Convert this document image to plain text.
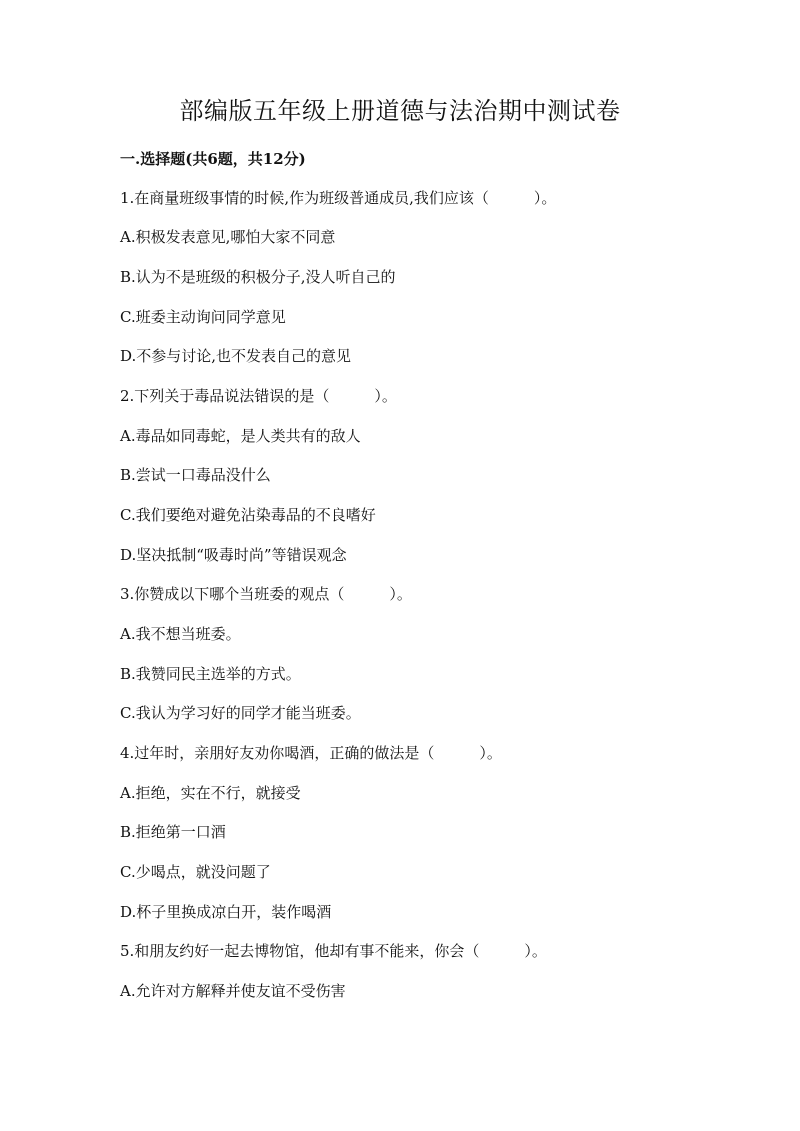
部编版五年级上册道德与法治期中测试卷
一.选择题(共6题，共12分)
1.在商量班级事情的时候,作为班级普通成员,我们应该（　　　）。
A.积极发表意见,哪怕大家不同意
B.认为不是班级的积极分子,没人听自己的
C.班委主动询问同学意见
D.不参与讨论,也不发表自己的意见
2.下列关于毒品说法错误的是（　　　）。
A.毒品如同毒蛇，是人类共有的敌人
B.尝试一口毒品没什么
C.我们要绝对避免沾染毒品的不良嗜好
D.坚决抵制“吸毒时尚”等错误观念
3.你赞成以下哪个当班委的观点（　　　）。
A.我不想当班委。
B.我赞同民主选举的方式。
C.我认为学习好的同学才能当班委。
4.过年时，亲朋好友劝你喝酒，正确的做法是（　　　）。
A.拒绝，实在不行，就接受
B.拒绝第一口酒
C.少喝点，就没问题了
D.杯子里换成凉白开，装作喝酒
5.和朋友约好一起去博物馆，他却有事不能来，你会（　　　）。
A.允许对方解释并使友谊不受伤害
